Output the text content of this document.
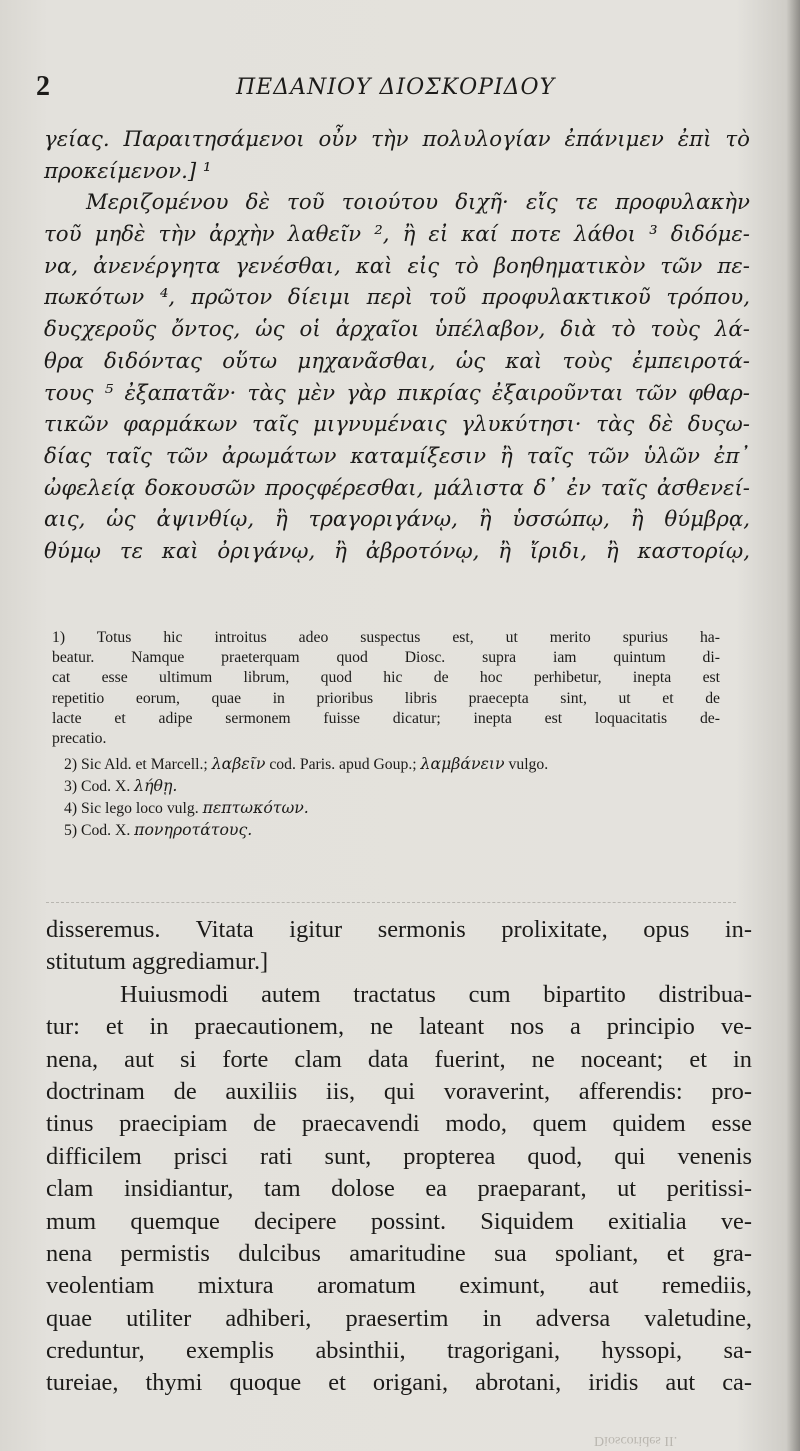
2	ΠΕΔΑΝΙΟΥ ΔΙΟΣΚΟΡΙΔΟΥ
γείας. Παραιτησάμενοι οὖν τὴν πολυλογίαν ἐπάνιμεν ἐπὶ τὸ
προκείμενον.] ¹
Μεριζομένου δὲ τοῦ τοιούτου διχῆ· εἴς τε προφυλακὴν
τοῦ μηδὲ τὴν ἀρχὴν λαθεῖν ², ἢ εἰ καί ποτε λάθοι ³ διδόμε-
να, ἀνενέργητα γενέσθαι, καὶ εἰς τὸ βοηθηματικὸν τῶν πε-
πωκότων ⁴, πρῶτον δίειμι περὶ τοῦ προφυλακτικοῦ τρόπου,
δυςχεροῦς ὄντος, ὡς οἱ ἀρχαῖοι ὑπέλαβον, διὰ τὸ τοὺς λά-
θρα διδόντας οὕτω μηχανᾶσθαι, ὡς καὶ τοὺς ἐμπειροτά-
τους ⁵ ἐξαπατᾶν· τὰς μὲν γὰρ πικρίας ἐξαιροῦνται τῶν φθαρ-
τικῶν φαρμάκων ταῖς μιγνυμέναις γλυκύτησι· τὰς δὲ δυςω-
δίας ταῖς τῶν ἀρωμάτων καταμίξεσιν ἢ ταῖς τῶν ὑλῶν ἐπ᾽
ὠφελείᾳ δοκουσῶν προςφέρεσθαι, μάλιστα δ᾽ ἐν ταῖς ἀσθενεί-
αις, ὡς ἀψινθίῳ, ἢ τραγοριγάνῳ, ἢ ὑσσώπῳ, ἢ θύμβρᾳ,
θύμῳ τε καὶ ὀριγάνῳ, ἢ ἀβροτόνῳ, ἢ ἴριδι, ἢ καστορίῳ,
1) Totus hic introitus adeo suspectus est, ut merito spurius ha-
beatur. Namque praeterquam quod Diosc. supra iam quintum di-
cat esse ultimum librum, quod hic de hoc perhibetur, inepta est
repetitio eorum, quae in prioribus libris praecepta sint, ut et de
lacte et adipe sermonem fuisse dicatur; inepta est loquacitatis de-
precatio.
2) Sic Ald. et Marcell.; λαβεῖν cod. Paris. apud Goup.; λαμβάνειν vulgo.
3) Cod. X. λήθῃ.
4) Sic lego loco vulg. πεπτωκότων.
5) Cod. X. πονηροτάτους.
disseremus. Vitata igitur sermonis prolixitate, opus in-
stitutum aggrediamur.]
Huiusmodi autem tractatus cum bipartito distribua-
tur: et in praecautionem, ne lateant nos a principio ve-
nena, aut si forte clam data fuerint, ne noceant; et in
doctrinam de auxiliis iis, qui voraverint, afferendis: pro-
tinus praecipiam de praecavendi modo, quem quidem esse
difficilem prisci rati sunt, propterea quod, qui venenis
clam insidiantur, tam dolose ea praeparant, ut peritissi-
mum quemque decipere possint. Siquidem exitialia ve-
nena permistis dulcibus amaritudine sua spoliant, et gra-
veolentiam mixtura aromatum eximunt, aut remediis,
quae utiliter adhiberi, praesertim in adversa valetudine,
creduntur, exemplis absinthii, tragorigani, hyssopi, sa-
tureiae, thymi quoque et origani, abrotani, iridis aut ca-
Dioscorides II.
